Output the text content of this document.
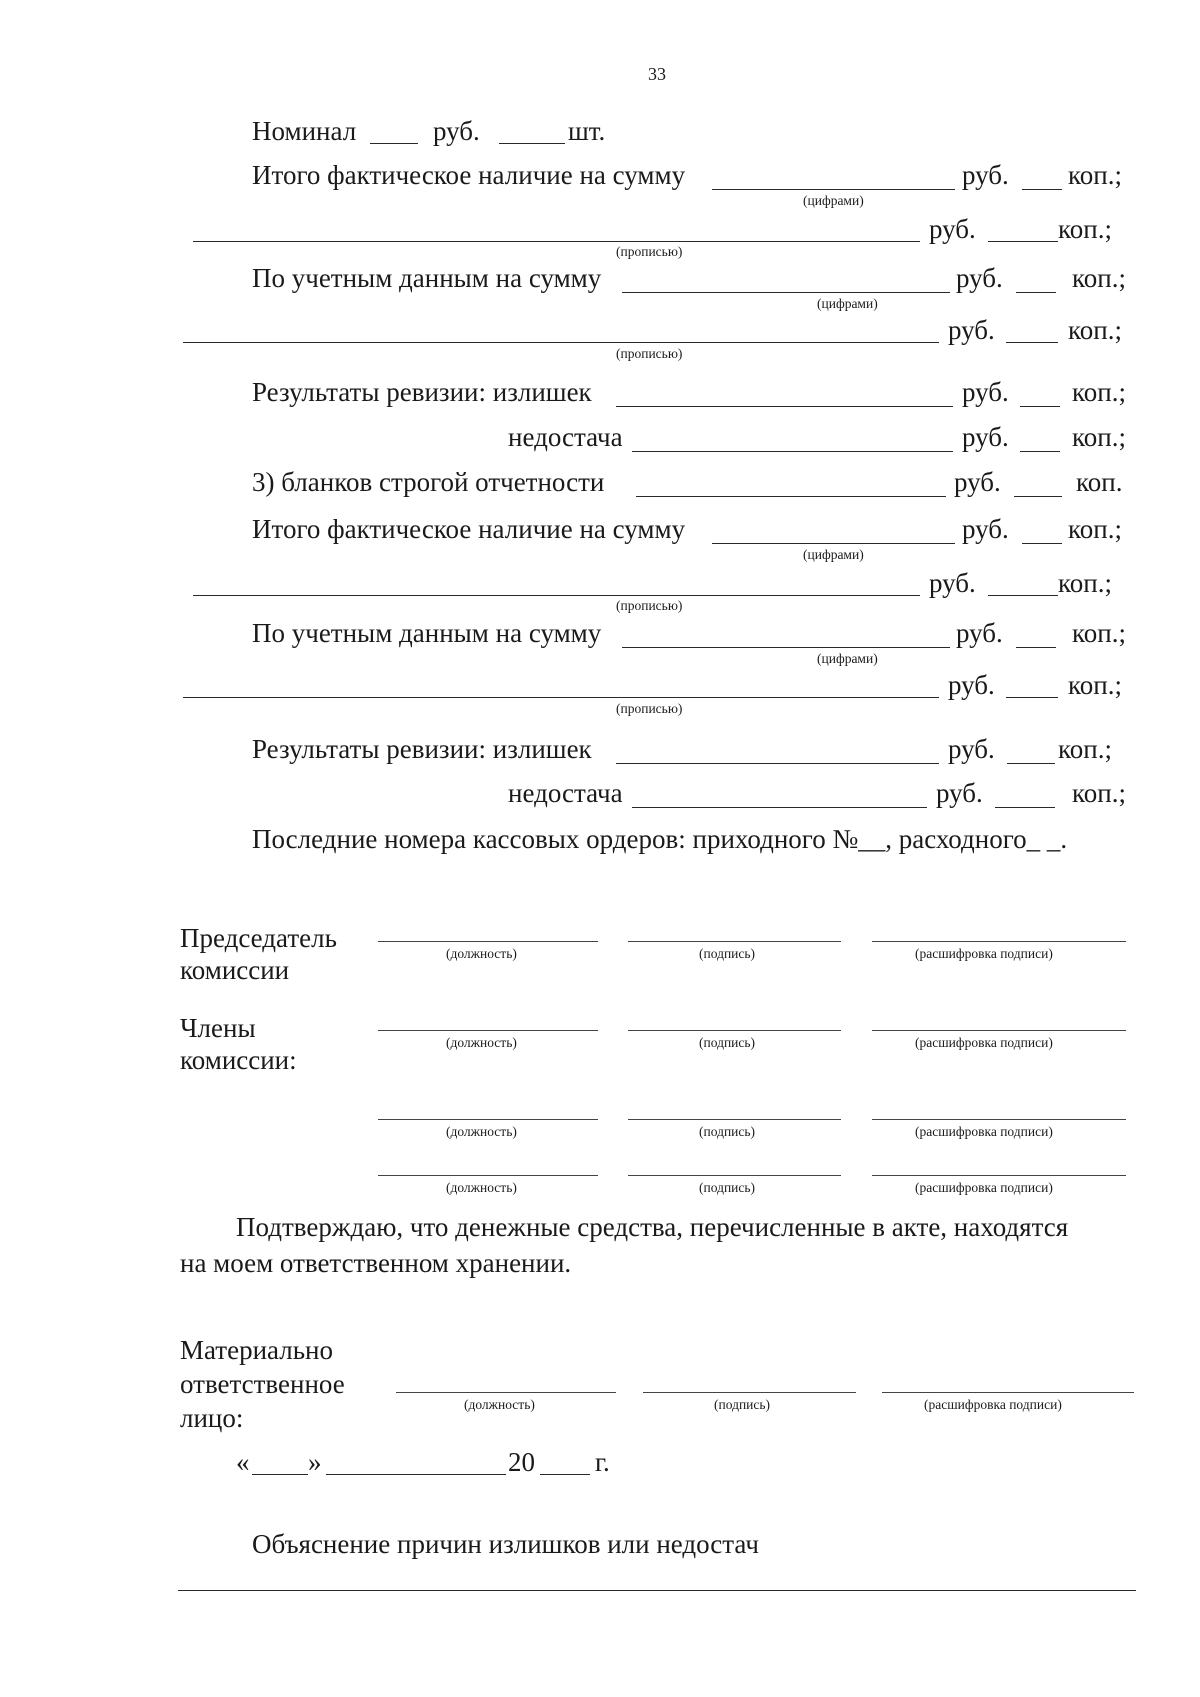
33
Номинал	руб.	шт.
Итого фактическое наличие на сумму	руб. коп.;
(цифрами)
руб.	коп.;
(прописью)
По учетным данным на сумму	руб.	коп.;
(цифрами)
руб.	коп.;
(прописью)
Результаты ревизии: излишек	руб. коп.;
недостача	руб. коп.;
3) бланков строгой отчетности	руб.	коп.
Итого фактическое наличие на сумму	руб. коп.;
(цифрами)
руб.	коп.;
(прописью)
По учетным данным на сумму	руб.	коп.;
(цифрами)
руб.	коп.;
(прописью)
Результаты ревизии: излишек	руб. коп.;
недостача	руб.	коп.;
Последние номера кассовых ордеров: приходного №__, расходного_ _.
Председатель комиссии
(должность)	(подпись)	(расшифровка подписи)
Члены комиссии:
(должность)	(подпись)	(расшифровка подписи)
(должность)	(подпись)	(расшифровка подписи)
(должность)	(подпись)	(расшифровка подписи)
Подтверждаю, что денежные средства, перечисленные в акте, находятся
на моем ответственном хранении.
Материально
ответственное
лицо:	(должность)	(подпись)	(расшифровка подписи)
« »	20 г.
Объяснение причин излишков или недостач
